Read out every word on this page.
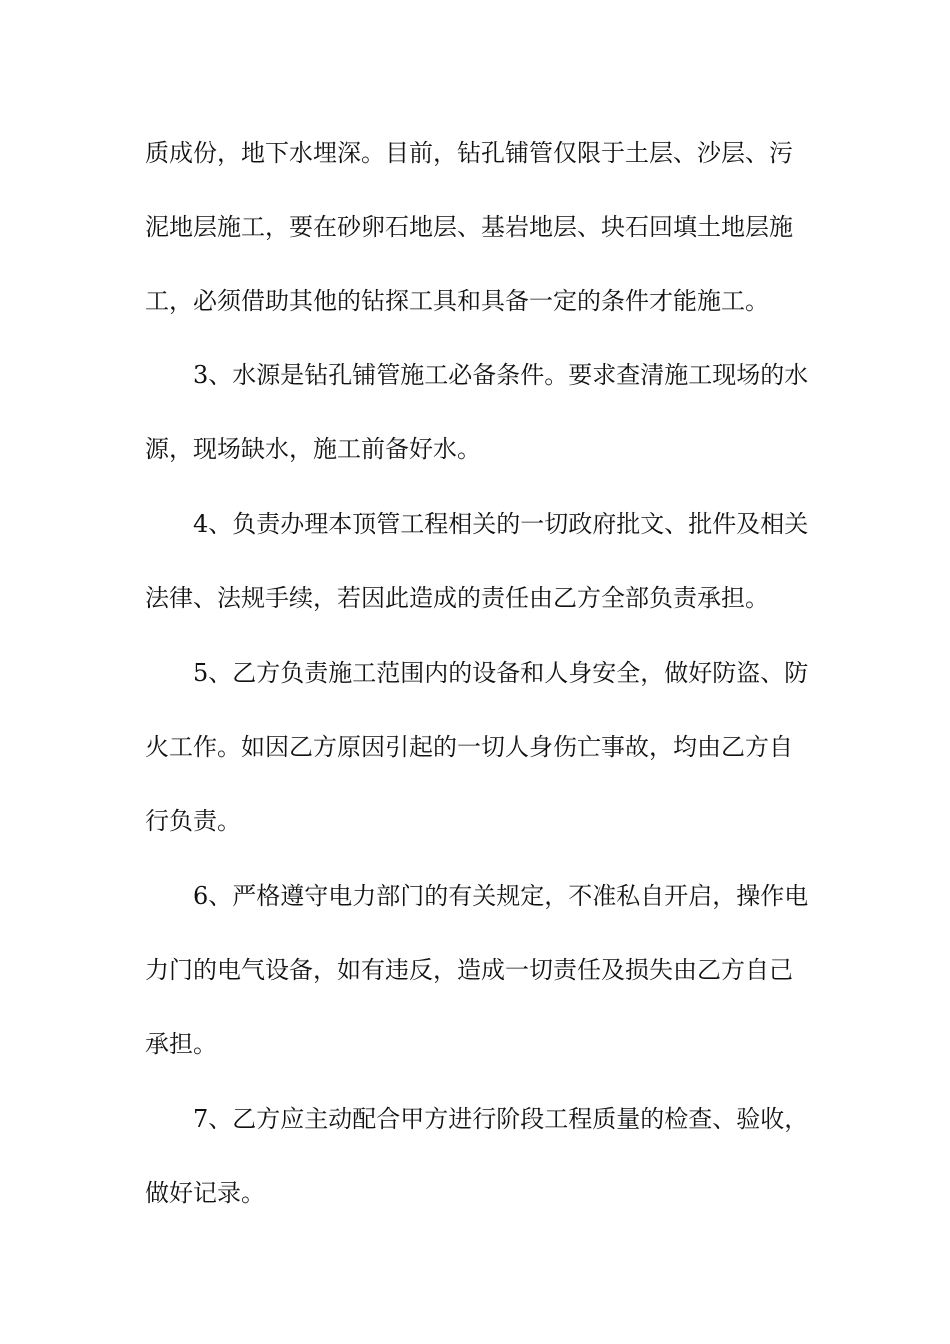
质成份，地下水埋深。目前，钻孔铺管仅限于土层、沙层、污
泥地层施工，要在砂卵石地层、基岩地层、块石回填土地层施
工，必须借助其他的钻探工具和具备一定的条件才能施工。
3、水源是钻孔铺管施工必备条件。要求查清施工现场的水
源，现场缺水，施工前备好水。
4、负责办理本顶管工程相关的一切政府批文、批件及相关
法律、法规手续，若因此造成的责任由乙方全部负责承担。
5、乙方负责施工范围内的设备和人身安全，做好防盗、防
火工作。如因乙方原因引起的一切人身伤亡事故，均由乙方自
行负责。
6、严格遵守电力部门的有关规定，不准私自开启，操作电
力门的电气设备，如有违反，造成一切责任及损失由乙方自己
承担。
7、乙方应主动配合甲方进行阶段工程质量的检查、验收，
做好记录。
